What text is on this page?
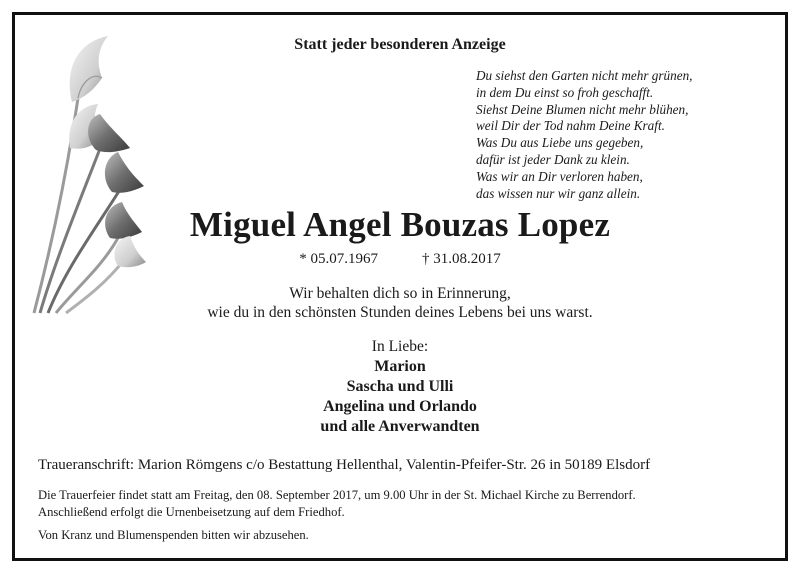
Statt jeder besonderen Anzeige
Du siehst den Garten nicht mehr grünen,
in dem Du einst so froh geschafft.
Siehst Deine Blumen nicht mehr blühen,
weil Dir der Tod nahm Deine Kraft.
Was Du aus Liebe uns gegeben,
dafür ist jeder Dank zu klein.
Was wir an Dir verloren haben,
das wissen nur wir ganz allein.
Miguel Angel Bouzas Lopez
* 05.07.1967	† 31.08.2017
Wir behalten dich so in Erinnerung,
wie du in den schönsten Stunden deines Lebens bei uns warst.
In Liebe:
Marion
Sascha und Ulli
Angelina und Orlando
und alle Anverwandten
Traueranschrift: Marion Römgens c/o Bestattung Hellenthal, Valentin-Pfeifer-Str. 26 in 50189 Elsdorf
Die Trauerfeier findet statt am Freitag, den 08. September 2017, um 9.00 Uhr in der St. Michael Kirche zu Berrendorf.
Anschließend erfolgt die Urnenbeisetzung auf dem Friedhof.
Von Kranz und Blumenspenden bitten wir abzusehen.
